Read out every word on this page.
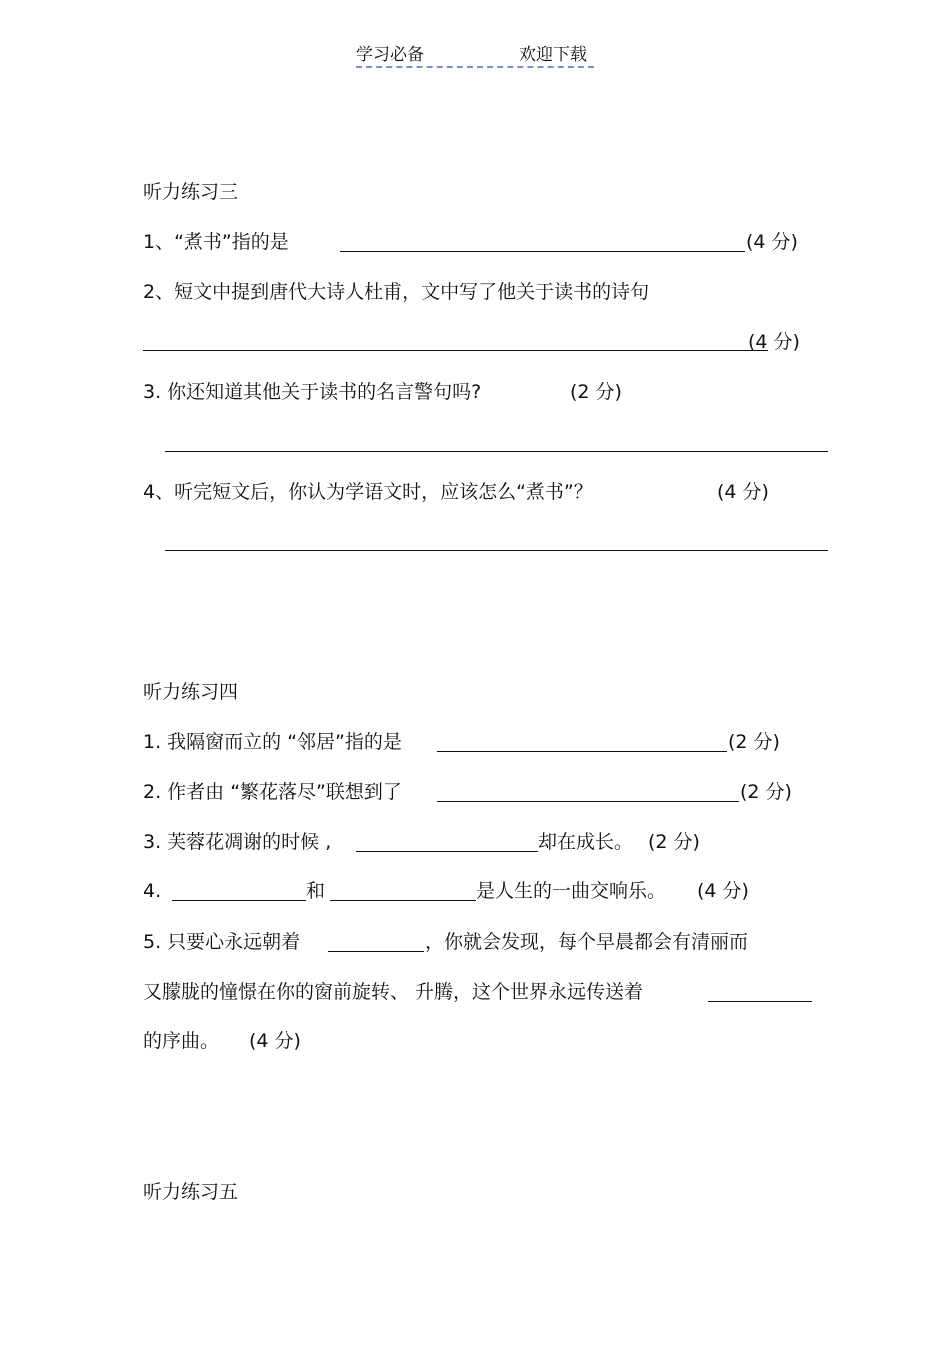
学习必备	欢迎下载
听力练习三
1、“煮书”指的是	(4 分)
2、短文中提到唐代大诗人杜甫，文中写了他关于读书的诗句
(4 分)
3. 你还知道其他关于读书的名言警句吗?	(2 分)
4、听完短文后，你认为学语文时，应该怎么“煮书”？	(4 分)
听力练习四
1. 我隔窗而立的 “邻居”指的是	(2 分)
2. 作者由 “繁花落尽”联想到了	(2 分)
3. 芙蓉花凋谢的时候 ,	却在成长。 (2 分)
4.	和	是人生的一曲交响乐。 (4 分)
5. 只要心永远朝着	，你就会发现，每个早晨都会有清丽而
又朦胧的憧憬在你的窗前旋转、 升腾，这个世界永远传送着
的序曲。 (4 分)
听力练习五
